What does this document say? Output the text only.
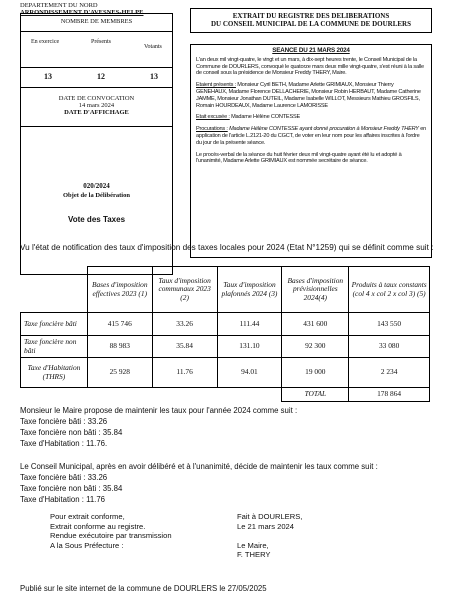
DEPARTEMENT DU NORD
ARRONDISSEMENT D'AVESNES-HELPE
NOMBRE DE MEMBRES
En exercice	Présents
Votants
13	12	13
DATE DE CONVOCATION
14 mars 2024
DATE D'AFFICHAGE
020/2024
Objet de la Délibération
Vote des Taxes
EXTRAIT DU REGISTRE DES DELIBERATIONS
DU CONSEIL MUNICIPAL DE LA COMMUNE DE DOURLERS

SEANCE DU 21 MARS 2024

L'an deux mil vingt-quatre, le vingt et un mars, à dix-sept heures trente, le Conseil Municipal de la Commune de DOURLERS, convoqué le quatorze mars deux mille vingt-quatre, s'est réuni à la salle de conseil sous la présidence de Monsieur Freddy THERY, Maire.

Etaient présents : Monsieur Cyril BETH, Madame Arlette GRIMIAUX, Monsieur Thierry GENEHAUX, Madame Florence DELLACHERIE, Monsieur Robin HERBAUT, Madame Catherine JAMME, Monsieur Jonathan DUTEIL, Madame Isabelle WILLOT, Messieurs Mathieu GROSFILS, Romain HOURDEAUX, Madame Laurence LAMORISSE

Etait excusée : Madame Hélène CONTESSE

Procurations : Madame Hélène CONTESSE ayant donné procuration à Monsieur Freddy THERY en application de l'article L.2121-20 du CGCT, de voter en leur nom pour les affaires inscrites à l'ordre du jour de la présente séance.

Le procès-verbal de la séance du huit février deux mil vingt-quatre ayant été lu et adopté à l'unanimité, Madame Arlette GRIMIAUX est nommée secrétaire de séance.

Vu l'état de notification des taux d'imposition des taxes locales pour 2024 (Etat N°1259) qui se définit comme suit :
	Bases d'imposition effectives 2023 (1)	Taux d'imposition communaux 2023 (2)	Taux d'imposition plafonnés 2024 (3)	Bases d'imposition prévisionnelles 2024(4)	Produits à taux constants (col 4 x col 2 x col 3) (5)
Taxe foncière bâti	415 746	33.26	111.44	431 600	143 550
Taxe foncière non bâti	88 983	35.84	131.10	92 300	33 080
Taxe d'Habitation (THRS)	25 928	11.76	94.01	19 000	2 234
				TOTAL	178 864
Monsieur le Maire propose de maintenir les taux pour l'année 2024 comme suit :
Taxe foncière bâti : 33.26
Taxe foncière non bâti : 35.84
Taxe d'Habitation : 11.76.
Le Conseil Municipal, après en avoir délibéré et à l'unanimité, décide de maintenir les taux comme suit :
Taxe foncière bâti : 33.26
Taxe foncière non bâti : 35.84
Taxe d'Habitation : 11.76
Pour extrait conforme,
Extrait conforme au registre.
Rendue exécutoire par transmission
A la Sous Préfecture :
Fait à DOURLERS,
Le 21 mars 2024
Le Maire,
F. THERY
Publié sur le site internet de la commune de DOURLERS le 27/05/2025
